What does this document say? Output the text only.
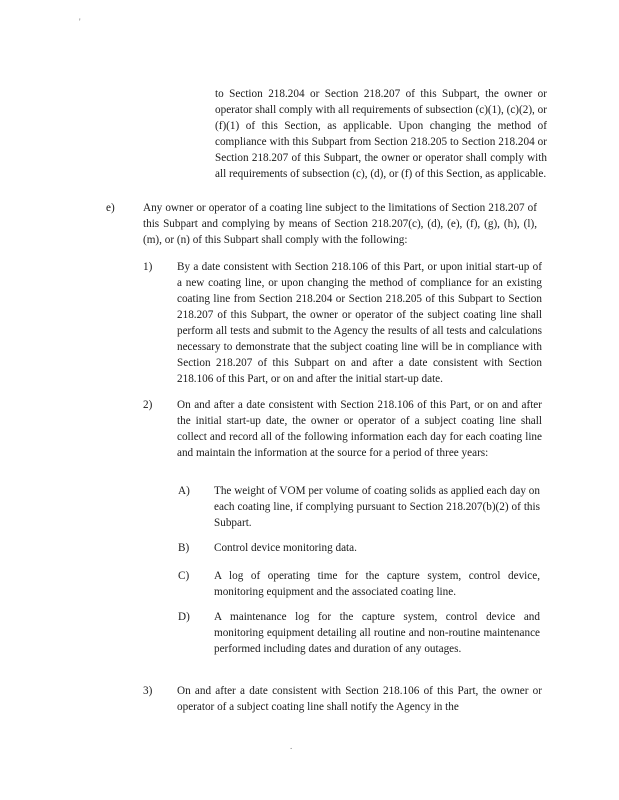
'
to Section 218.204 or Section 218.207 of this Subpart, the owner or operator shall comply with all requirements of subsection (c)(1), (c)(2), or (f)(1) of this Section, as applicable. Upon changing the method of compliance with this Subpart from Section 218.205 to Section 218.204 or Section 218.207 of this Subpart, the owner or operator shall comply with all requirements of subsection (c), (d), or (f) of this Section, as applicable.
e)	Any owner or operator of a coating line subject to the limitations of Section 218.207 of this Subpart and complying by means of Section 218.207(c), (d), (e), (f), (g), (h), (l), (m), or (n) of this Subpart shall comply with the following:
1) By a date consistent with Section 218.106 of this Part, or upon initial start-up of a new coating line, or upon changing the method of compliance for an existing coating line from Section 218.204 or Section 218.205 of this Subpart to Section 218.207 of this Subpart, the owner or operator of the subject coating line shall perform all tests and submit to the Agency the results of all tests and calculations necessary to demonstrate that the subject coating line will be in compliance with Section 218.207 of this Subpart on and after a date consistent with Section 218.106 of this Part, or on and after the initial start-up date.
2) On and after a date consistent with Section 218.106 of this Part, or on and after the initial start-up date, the owner or operator of a subject coating line shall collect and record all of the following information each day for each coating line and maintain the information at the source for a period of three years:
A) The weight of VOM per volume of coating solids as applied each day on each coating line, if complying pursuant to Section 218.207(b)(2) of this Subpart.
B) Control device monitoring data.
C) A log of operating time for the capture system, control device, monitoring equipment and the associated coating line.
D) A maintenance log for the capture system, control device and monitoring equipment detailing all routine and non-routine maintenance performed including dates and duration of any outages.
3) On and after a date consistent with Section 218.106 of this Part, the owner or operator of a subject coating line shall notify the Agency in the
.
